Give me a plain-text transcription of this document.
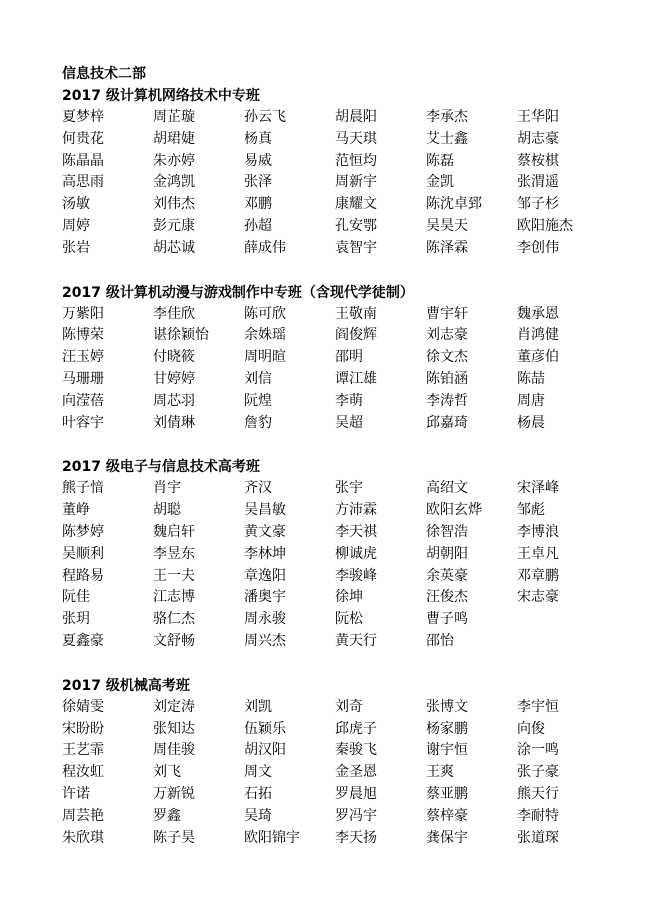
信息技术二部
2017 级计算机网络技术中专班
夏梦梓	周芷璇	孙云飞	胡晨阳	李承杰	王华阳
何贵花	胡珺婕	杨真	马天琪	艾士鑫	胡志豪
陈晶晶	朱亦婷	易威	范恒均	陈磊	蔡桉棋
高思雨	金鸿凯	张泽	周新宇	金凯	张渭遥
汤敏	刘伟杰	邓鹏	康耀文	陈沈卓郅	邹子杉
周婷	彭元康	孙超	孔安鄂	吴昊天	欧阳施杰
张岩	胡芯诚	薛成伟	袁智宇	陈泽霖	李创伟
2017 级计算机动漫与游戏制作中专班（含现代学徒制）
万紫阳	李佳欣	陈可欣	王敬南	曹宇轩	魏承恩
陈博荣	谌徐颖怡	余姝瑶	阎俊辉	刘志豪	肖鸿健
汪玉婷	付晓筱	周明暄	邵明	徐文杰	董彦伯
马珊珊	甘婷婷	刘信	谭江雄	陈铂涵	陈喆
向滢蓓	周芯羽	阮煌	李萌	李涛哲	周唐
叶容宇	刘倩琳	詹豹	吴超	邱嘉琦	杨晨
2017 级电子与信息技术高考班
熊子愔	肖宇	齐汉	张宇	高绍文	宋泽峰
董峥	胡聪	吴昌敏	方沛霖	欧阳玄烨	邹彪
陈梦婷	魏启轩	黄文豪	李天祺	徐智浩	李博浪
吴顺利	李昱东	李林坤	柳诚虎	胡朝阳	王卓凡
程路易	王一夫	章逸阳	李骏峰	余英豪	邓章鹏
阮佳	江志博	潘奥宇	徐坤	汪俊杰	宋志豪
张玥	骆仁杰	周永骏	阮松	曹子鸣
夏鑫豪	文舒畅	周兴杰	黄天行	邵怡
2017 级机械高考班
徐婧雯	刘定涛	刘凯	刘奇	张博文	李宇恒
宋盼盼	张知达	伍颖乐	邱虎子	杨家鹏	向俊
王艺霏	周佳骏	胡汉阳	秦骏飞	谢宇恒	涂一鸣
程汝虹	刘飞	周文	金圣恩	王爽	张子豪
许诺	万新锐	石拓	罗晨旭	蔡亚鹏	熊天行
周芸艳	罗鑫	吴琦	罗冯宇	蔡梓豪	李耐特
朱欣琪	陈子昊	欧阳锦宇	李天扬	龚保宇	张道琛
